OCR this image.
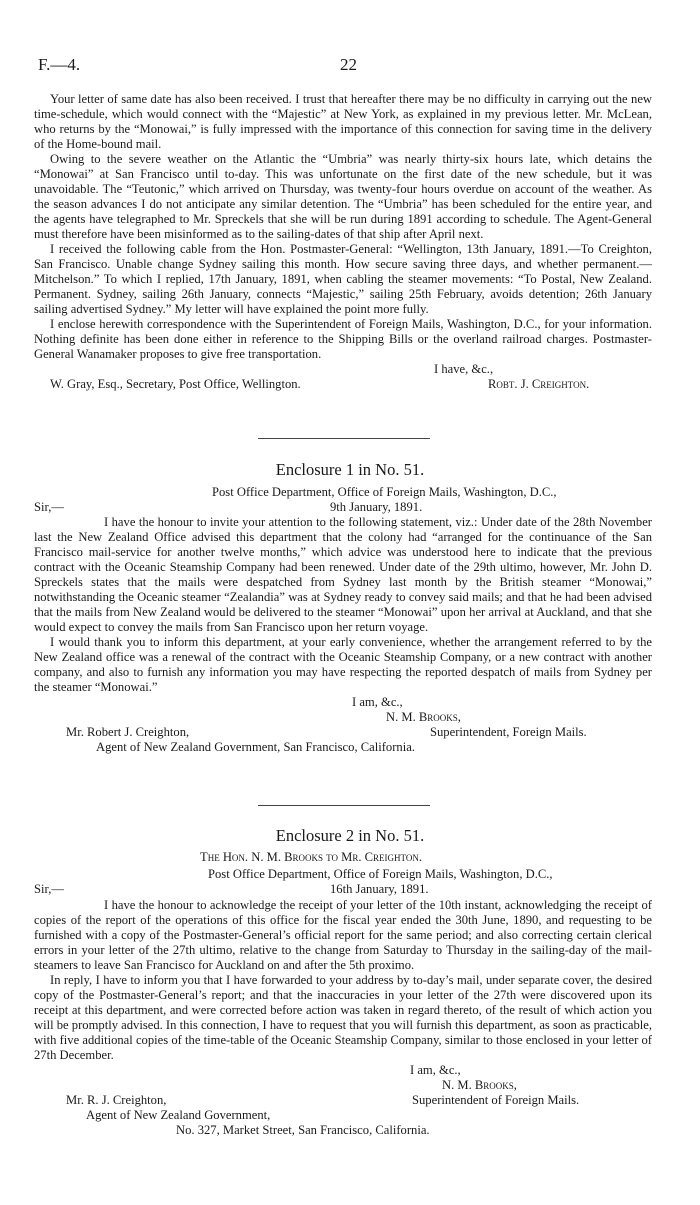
F.—4.	22

Your letter of same date has also been received. I trust that hereafter there may be no difficulty in carrying out the new time-schedule, which would connect with the “Majestic” at New York, as explained in my previous letter. Mr. McLean, who returns by the “Monowai,” is fully impressed with the importance of this connection for saving time in the delivery of the Home-bound mail.

Owing to the severe weather on the Atlantic the “Umbria” was nearly thirty-six hours late, which detains the “Monowai” at San Francisco until to-day. This was unfortunate on the first date of the new schedule, but it was unavoidable. The “Teutonic,” which arrived on Thursday, was twenty-four hours overdue on account of the weather. As the season advances I do not anticipate any similar detention. The “Umbria” has been scheduled for the entire year, and the agents have telegraphed to Mr. Spreckels that she will be run during 1891 according to schedule. The Agent-General must therefore have been misinformed as to the sailing-dates of that ship after April next.

I received the following cable from the Hon. Postmaster-General: “Wellington, 13th January, 1891.—To Creighton, San Francisco. Unable change Sydney sailing this month. How secure saving three days, and whether permanent.—Mitchelson.” To which I replied, 17th January, 1891, when cabling the steamer movements: “To Postal, New Zealand. Permanent. Sydney, sailing 26th January, connects “Majestic,” sailing 25th February, avoids detention; 26th January sailing advertised Sydney.” My letter will have explained the point more fully.

I enclose herewith correspondence with the Superintendent of Foreign Mails, Washington, D.C., for your information. Nothing definite has been done either in reference to the Shipping Bills or the overland railroad charges. Postmaster-General Wanamaker proposes to give free transportation.

I have, &c.,
W. Gray, Esq., Secretary, Post Office, Wellington.	Robt. J. Creighton.
Enclosure 1 in No. 51.
Post Office Department, Office of Foreign Mails, Washington, D.C.,
Sir,—	9th January, 1891.

I have the honour to invite your attention to the following statement, viz.: Under date of the 28th November last the New Zealand Office advised this department that the colony had “arranged for the continuance of the San Francisco mail-service for another twelve months,” which advice was understood here to indicate that the previous contract with the Oceanic Steamship Company had been renewed. Under date of the 29th ultimo, however, Mr. John D. Spreckels states that the mails were despatched from Sydney last month by the British steamer “Monowai,” notwithstanding the Oceanic steamer “Zealandia” was at Sydney ready to convey said mails; and that he had been advised that the mails from New Zealand would be delivered to the steamer “Monowai” upon her arrival at Auckland, and that she would expect to convey the mails from San Francisco upon her return voyage.

I would thank you to inform this department, at your early convenience, whether the arrangement referred to by the New Zealand office was a renewal of the contract with the Oceanic Steamship Company, or a new contract with another company, and also to furnish any information you may have respecting the reported despatch of mails from Sydney per the steamer “Monowai.”

I am, &c.,
N. M. Brooks,
Mr. Robert J. Creighton,	Superintendent, Foreign Mails.
Agent of New Zealand Government, San Francisco, California.
Enclosure 2 in No. 51.
The Hon. N. M. Brooks to Mr. Creighton.
Post Office Department, Office of Foreign Mails, Washington, D.C.,
Sir,—	16th January, 1891.

I have the honour to acknowledge the receipt of your letter of the 10th instant, acknowledging the receipt of copies of the report of the operations of this office for the fiscal year ended the 30th June, 1890, and requesting to be furnished with a copy of the Postmaster-General’s official report for the same period; and also correcting certain clerical errors in your letter of the 27th ultimo, relative to the change from Saturday to Thursday in the sailing-day of the mail-steamers to leave San Francisco for Auckland on and after the 5th proximo.

In reply, I have to inform you that I have forwarded to your address by to-day’s mail, under separate cover, the desired copy of the Postmaster-General’s report; and that the inaccuracies in your letter of the 27th were discovered upon its receipt at this department, and were corrected before action was taken in regard thereto, of the result of which action you will be promptly advised. In this connection, I have to request that you will furnish this department, as soon as practicable, with five additional copies of the time-table of the Oceanic Steamship Company, similar to those enclosed in your letter of 27th December.

I am, &c.,
N. M. Brooks,
Mr. R. J. Creighton,	Superintendent of Foreign Mails.
Agent of New Zealand Government,
No. 327, Market Street, San Francisco, California.
